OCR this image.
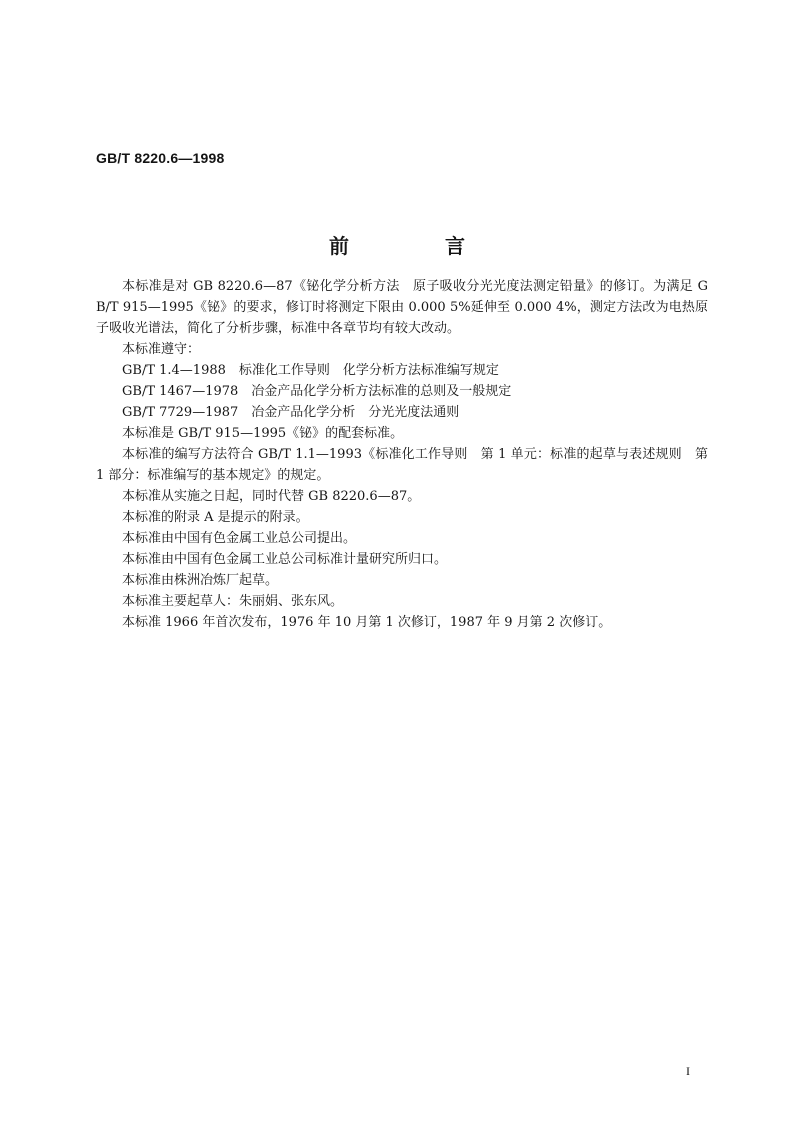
GB/T 8220.6—1998
前　言

本标准是对 GB 8220.6—87《铋化学分析方法　原子吸收分光光度法测定铅量》的修订。为满足 GB/T 915—1995《铋》的要求，修订时将测定下限由 0.000 5%延伸至 0.000 4%，测定方法改为电热原子吸收光谱法，简化了分析步骤，标准中各章节均有较大改动。

本标准遵守：

GB/T 1.4—1988　标准化工作导则　化学分析方法标准编写规定

GB/T 1467—1978　冶金产品化学分析方法标准的总则及一般规定

GB/T 7729—1987　冶金产品化学分析　分光光度法通则

本标准是 GB/T 915—1995《铋》的配套标准。

本标准的编写方法符合 GB/T 1.1—1993《标准化工作导则　第 1 单元：标准的起草与表述规则　第 1 部分：标准编写的基本规定》的规定。

本标准从实施之日起，同时代替 GB 8220.6—87。

本标准的附录 A 是提示的附录。

本标准由中国有色金属工业总公司提出。

本标准由中国有色金属工业总公司标准计量研究所归口。

本标准由株洲冶炼厂起草。

本标准主要起草人：朱丽娟、张东风。

本标准 1966 年首次发布，1976 年 10 月第 1 次修订，1987 年 9 月第 2 次修订。

I
